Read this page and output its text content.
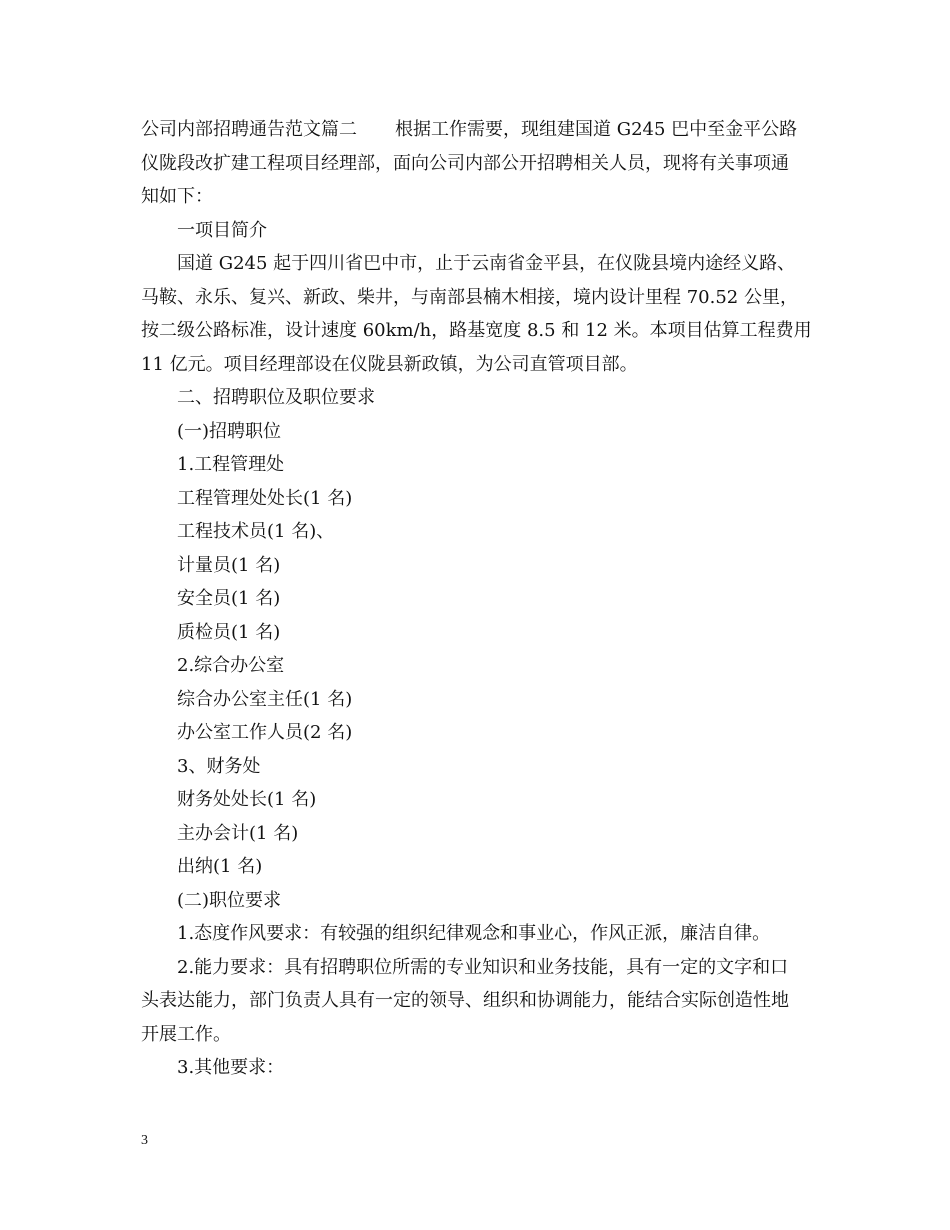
公司内部招聘通告范文篇二 根据工作需要，现组建国道 G245 巴中至金平公路
仪陇段改扩建工程项目经理部，面向公司内部公开招聘相关人员，现将有关事项通
知如下：
一项目简介
国道 G245 起于四川省巴中市，止于云南省金平县，在仪陇县境内途经义路、
马鞍、永乐、复兴、新政、柴井，与南部县楠木相接，境内设计里程 70.52 公里，
按二级公路标准，设计速度 60km/h，路基宽度 8.5 和 12 米。本项目估算工程费用
11 亿元。项目经理部设在仪陇县新政镇，为公司直管项目部。
二、招聘职位及职位要求
(一)招聘职位
1.工程管理处
工程管理处处长(1 名)
工程技术员(1 名)、
计量员(1 名)
安全员(1 名)
质检员(1 名)
2.综合办公室
综合办公室主任(1 名)
办公室工作人员(2 名)
3、财务处
财务处处长(1 名)
主办会计(1 名)
出纳(1 名)
(二)职位要求
1.态度作风要求：有较强的组织纪律观念和事业心，作风正派，廉洁自律。
2.能力要求：具有招聘职位所需的专业知识和业务技能，具有一定的文字和口
头表达能力，部门负责人具有一定的领导、组织和协调能力，能结合实际创造性地
开展工作。
3.其他要求：
3
